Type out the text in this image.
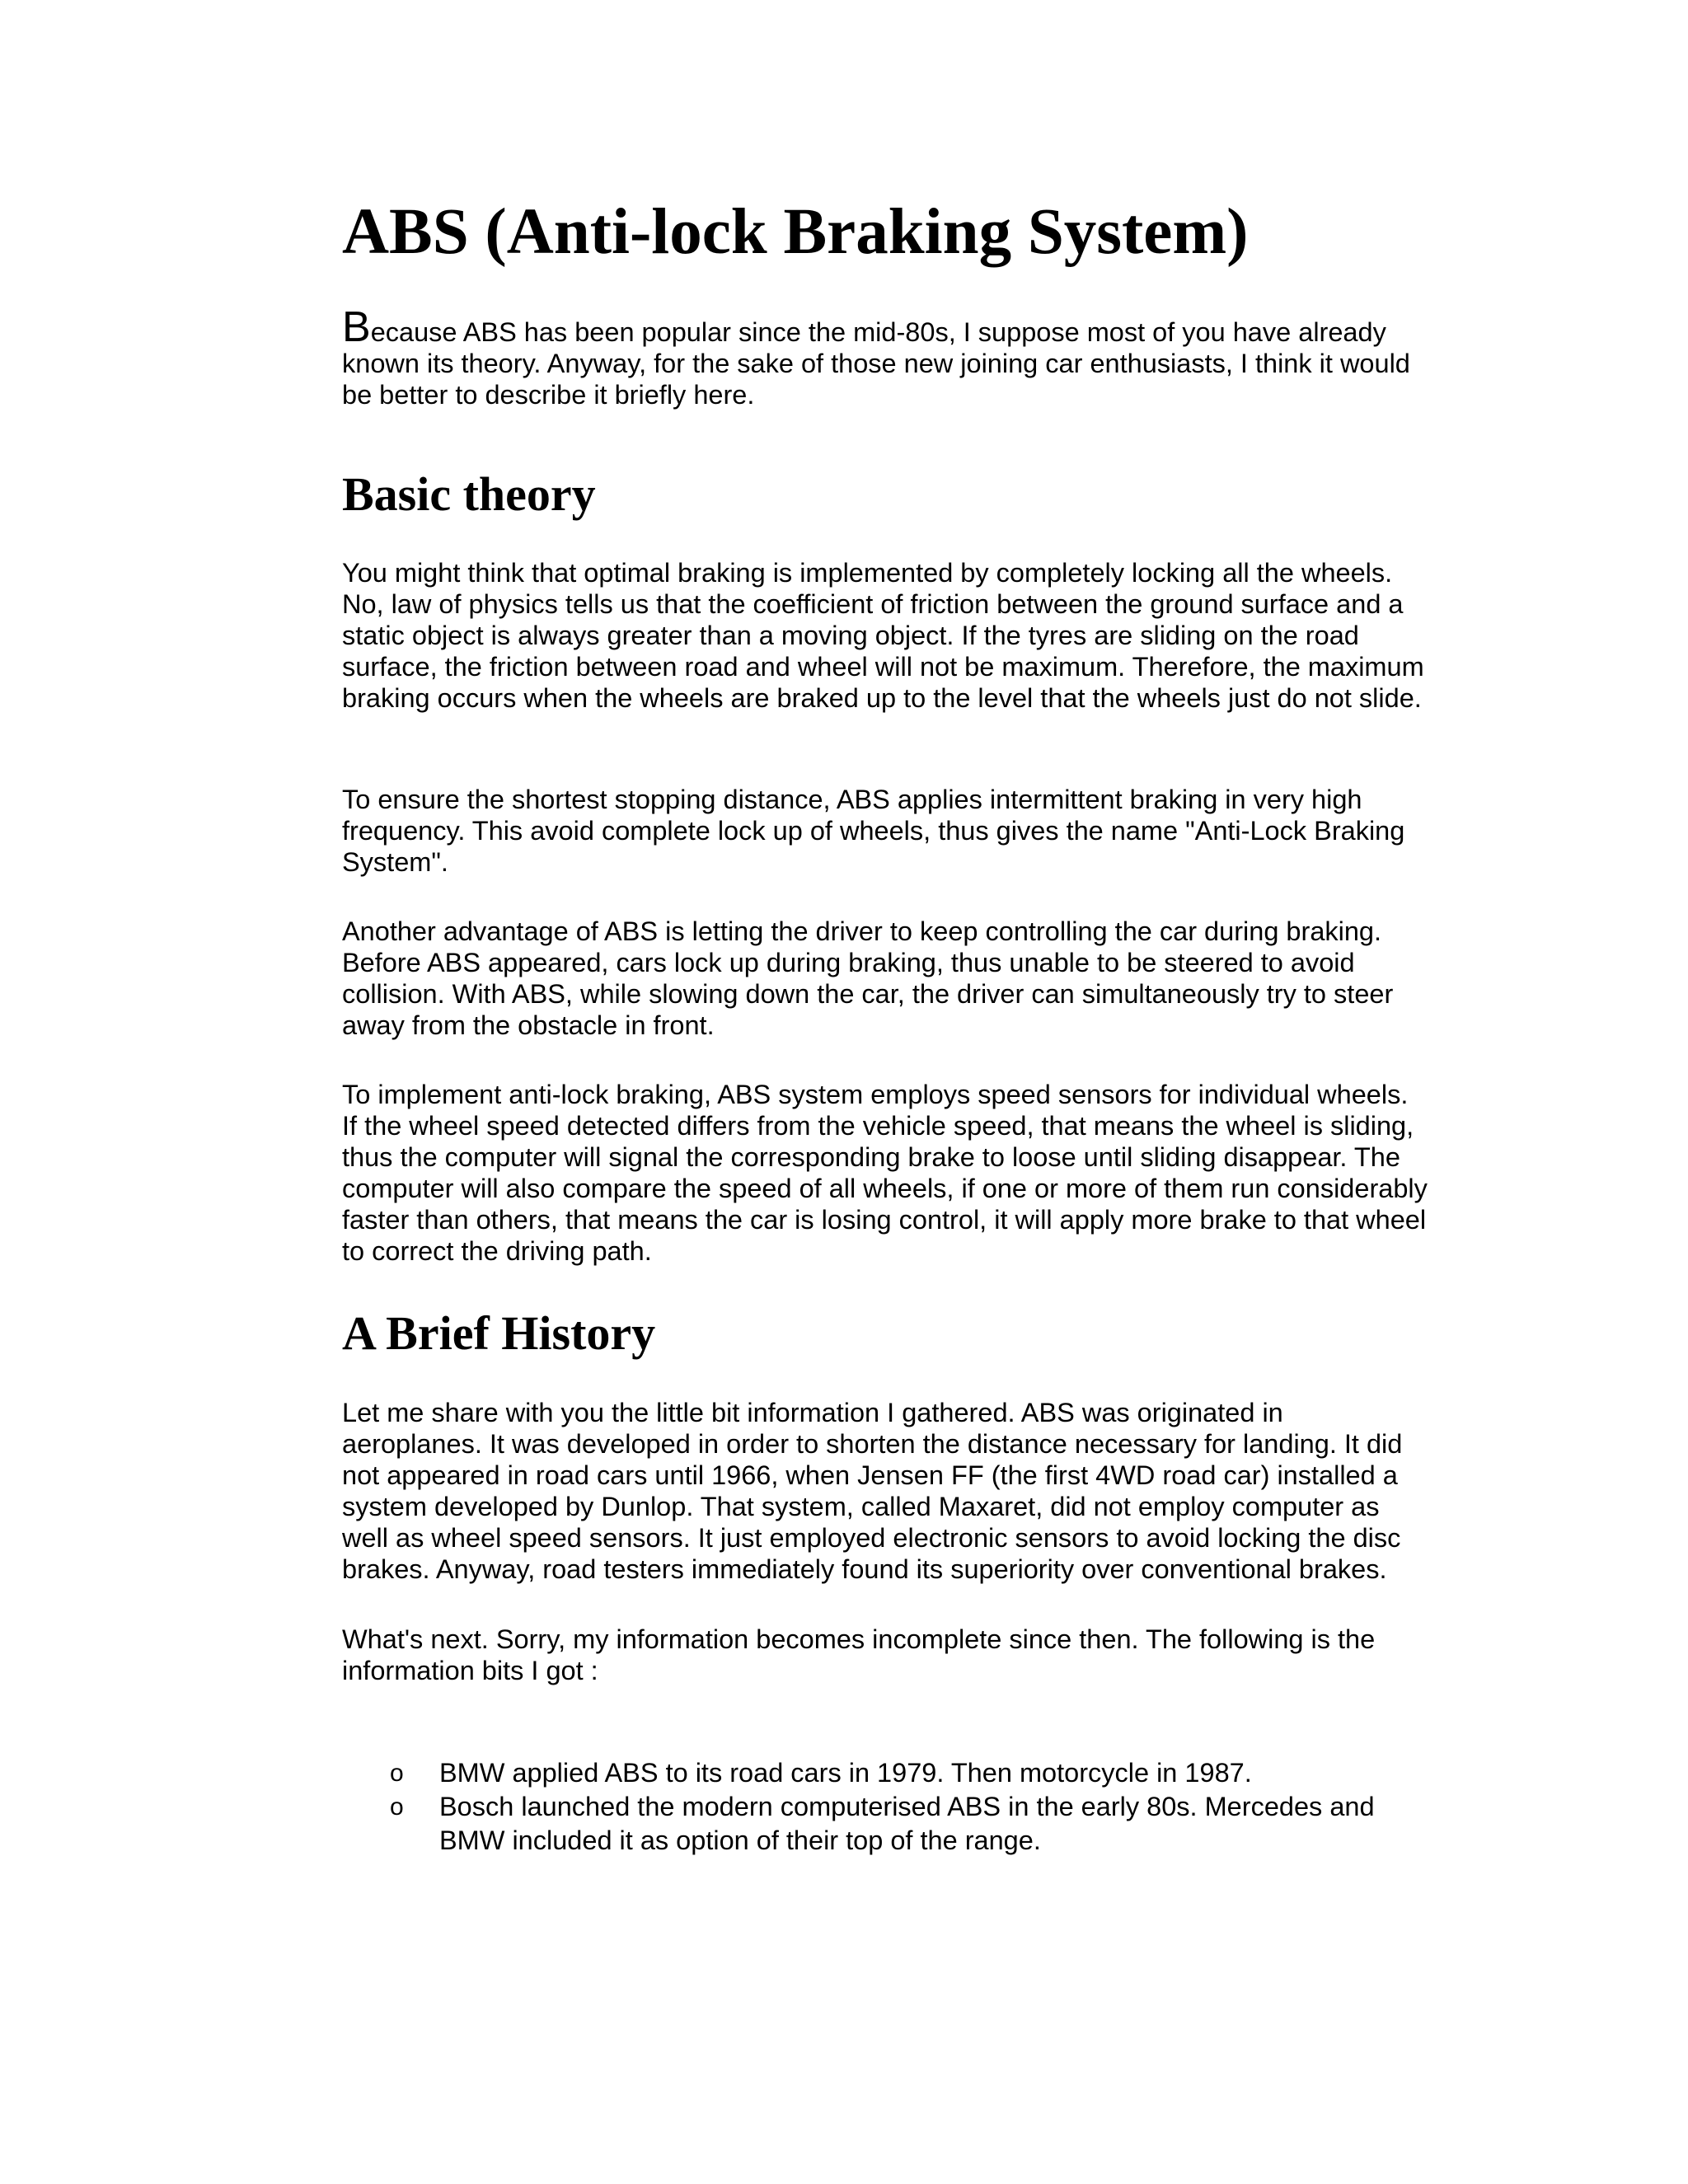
ABS (Anti-lock Braking System)

Because ABS has been popular since the mid-80s, I suppose most of you have already known its theory. Anyway, for the sake of those new joining car enthusiasts, I think it would be better to describe it briefly here.

Basic theory

You might think that optimal braking is implemented by completely locking all the wheels. No, law of physics tells us that the coefficient of friction between the ground surface and a static object is always greater than a moving object. If the tyres are sliding on the road surface, the friction between road and wheel will not be maximum. Therefore, the maximum braking occurs when the wheels are braked up to the level that the wheels just do not slide.

To ensure the shortest stopping distance, ABS applies intermittent braking in very high frequency. This avoid complete lock up of wheels, thus gives the name "Anti-Lock Braking System".

Another advantage of ABS is letting the driver to keep controlling the car during braking. Before ABS appeared, cars lock up during braking, thus unable to be steered to avoid collision. With ABS, while slowing down the car, the driver can simultaneously try to steer away from the obstacle in front.

To implement anti-lock braking, ABS system employs speed sensors for individual wheels. If the wheel speed detected differs from the vehicle speed, that means the wheel is sliding, thus the computer will signal the corresponding brake to loose until sliding disappear. The computer will also compare the speed of all wheels, if one or more of them run considerably faster than others, that means the car is losing control, it will apply more brake to that wheel to correct the driving path.

A Brief History

Let me share with you the little bit information I gathered. ABS was originated in aeroplanes. It was developed in order to shorten the distance necessary for landing. It did not appeared in road cars until 1966, when Jensen FF (the first 4WD road car) installed a system developed by Dunlop. That system, called Maxaret, did not employ computer as well as wheel speed sensors. It just employed electronic sensors to avoid locking the disc brakes. Anyway, road testers immediately found its superiority over conventional brakes.

What's next. Sorry, my information becomes incomplete since then. The following is the information bits I got :

o BMW applied ABS to its road cars in 1979. Then motorcycle in 1987.
o Bosch launched the modern computerised ABS in the early 80s. Mercedes and BMW included it as option of their top of the range.
